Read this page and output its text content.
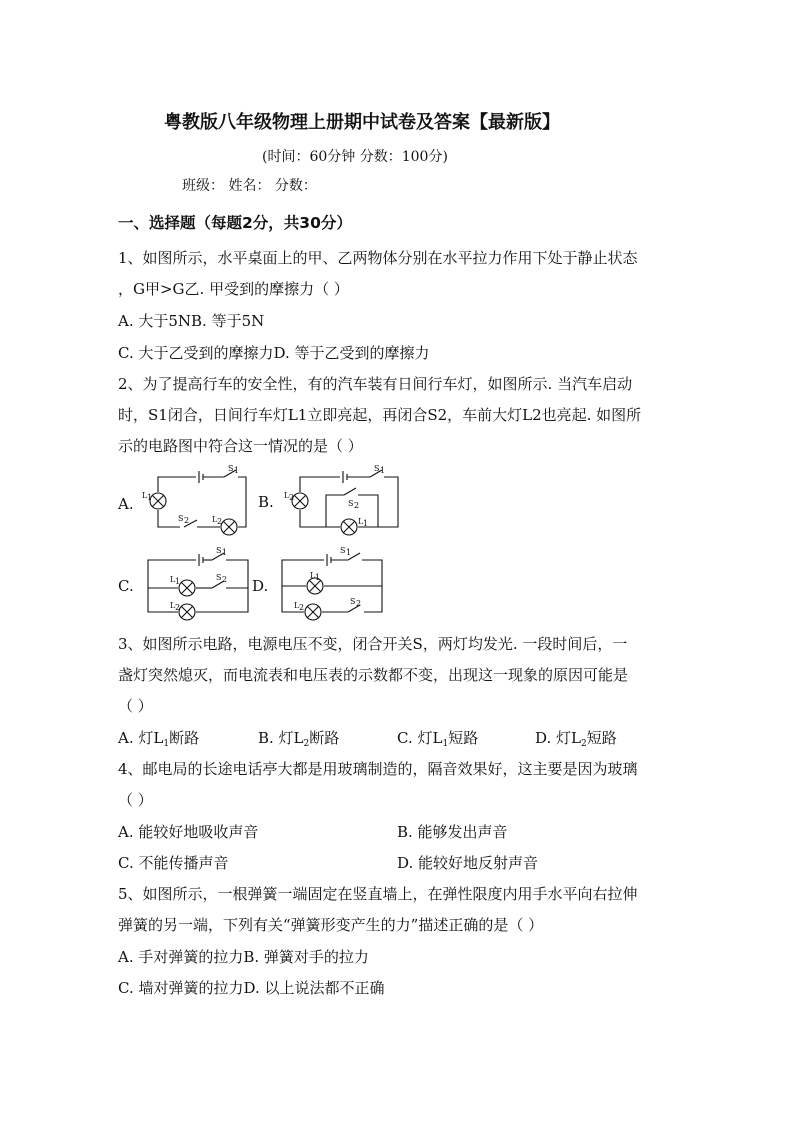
粤教版八年级物理上册期中试卷及答案【最新版】
(时间：60分钟 分数：100分)
班级： 姓名： 分数：
一、选择题（每题2分，共30分）
1、如图所示，水平桌面上的甲、乙两物体分别在水平拉力作用下处于静止状态
，G甲>G乙. 甲受到的摩擦力（ ）
A. 大于5NB. 等于5N
C. 大于乙受到的摩擦力D. 等于乙受到的摩擦力
2、为了提高行车的安全性，有的汽车装有日间行车灯，如图所示. 当汽车启动
时，S1闭合，日间行车灯L1立即亮起，再闭合S2，车前大灯L2也亮起. 如图所
示的电路图中符合这一情况的是（ ）
A.	B.
C.	D.
S 1
L 1
S 2	L 2
S 1
L 2
S 2
L 1
S 1
L 1	S 2
L 2
S 1
L 1
S 2
L 2
3、如图所示电路，电源电压不变，闭合开关S，两灯均发光. 一段时间后，一
盏灯突然熄灭，而电流表和电压表的示数都不变，出现这一现象的原因可能是
（ ）
A. 灯$L_1$断路	B. 灯$L_2$断路	C. 灯$L_1$短路	D. 灯$L_2$短路
4、邮电局的长途电话亭大都是用玻璃制造的，隔音效果好，这主要是因为玻璃
（ ）
A. 能较好地吸收声音	B. 能够发出声音
C. 不能传播声音	D. 能较好地反射声音
5、如图所示，一根弹簧一端固定在竖直墙上，在弹性限度内用手水平向右拉伸
弹簧的另一端，下列有关“弹簧形变产生的力”描述正确的是（ ）
A. 手对弹簧的拉力B. 弹簧对手的拉力
C. 墙对弹簧的拉力D. 以上说法都不正确
